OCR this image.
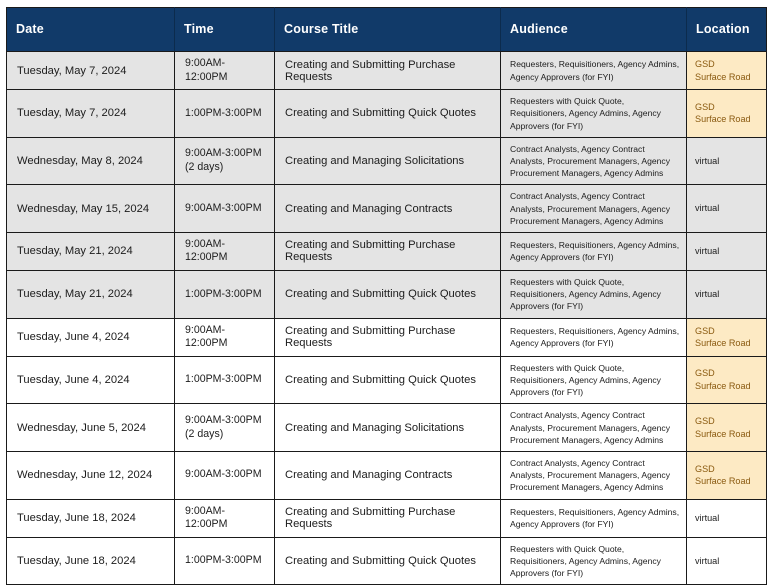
Date	Time	Course Title	Audience	Location
Tuesday, May 7, 2024	9:00AM-12:00PM	Creating and Submitting Purchase Requests	Requesters, Requisitioners, Agency Admins, Agency Approvers (for FYI)	GSD
Surface Road

Tuesday, May 7, 2024	1:00PM-3:00PM	Creating and Submitting Quick Quotes	Requesters with Quick Quote, Requisitioners, Agency Admins, Agency Approvers (for FYI)	GSD
Surface Road

Wednesday, May 8, 2024	9:00AM-3:00PM
(2 days)	Creating and Managing Solicitations	Contract Analysts, Agency Contract Analysts, Procurement Managers, Agency Procurement Managers, Agency Admins	virtual
Wednesday, May 15, 2024	9:00AM-3:00PM	Creating and Managing Contracts	Contract Analysts, Agency Contract Analysts, Procurement Managers, Agency Procurement Managers, Agency Admins	virtual
Tuesday, May 21, 2024	9:00AM-12:00PM	Creating and Submitting Purchase Requests	Requesters, Requisitioners, Agency Admins, Agency Approvers (for FYI)	virtual
Tuesday, May 21, 2024	1:00PM-3:00PM	Creating and Submitting Quick Quotes	Requesters with Quick Quote, Requisitioners, Agency Admins, Agency Approvers (for FYI)	virtual
Tuesday, June 4, 2024	9:00AM-12:00PM	Creating and Submitting Purchase Requests	Requesters, Requisitioners, Agency Admins, Agency Approvers (for FYI)	GSD
Surface Road

Tuesday, June 4, 2024	1:00PM-3:00PM	Creating and Submitting Quick Quotes	Requesters with Quick Quote, Requisitioners, Agency Admins, Agency Approvers (for FYI)	GSD
Surface Road

Wednesday, June 5, 2024	9:00AM-3:00PM
(2 days)	Creating and Managing Solicitations	Contract Analysts, Agency Contract Analysts, Procurement Managers, Agency Procurement Managers, Agency Admins	GSD
Surface Road

Wednesday, June 12, 2024	9:00AM-3:00PM	Creating and Managing Contracts	Contract Analysts, Agency Contract Analysts, Procurement Managers, Agency Procurement Managers, Agency Admins	GSD
Surface Road

Tuesday, June 18, 2024	9:00AM-12:00PM	Creating and Submitting Purchase Requests	Requesters, Requisitioners, Agency Admins, Agency Approvers (for FYI)	virtual
Tuesday, June 18, 2024	1:00PM-3:00PM	Creating and Submitting Quick Quotes	Requesters with Quick Quote, Requisitioners, Agency Admins, Agency Approvers (for FYI)	virtual
